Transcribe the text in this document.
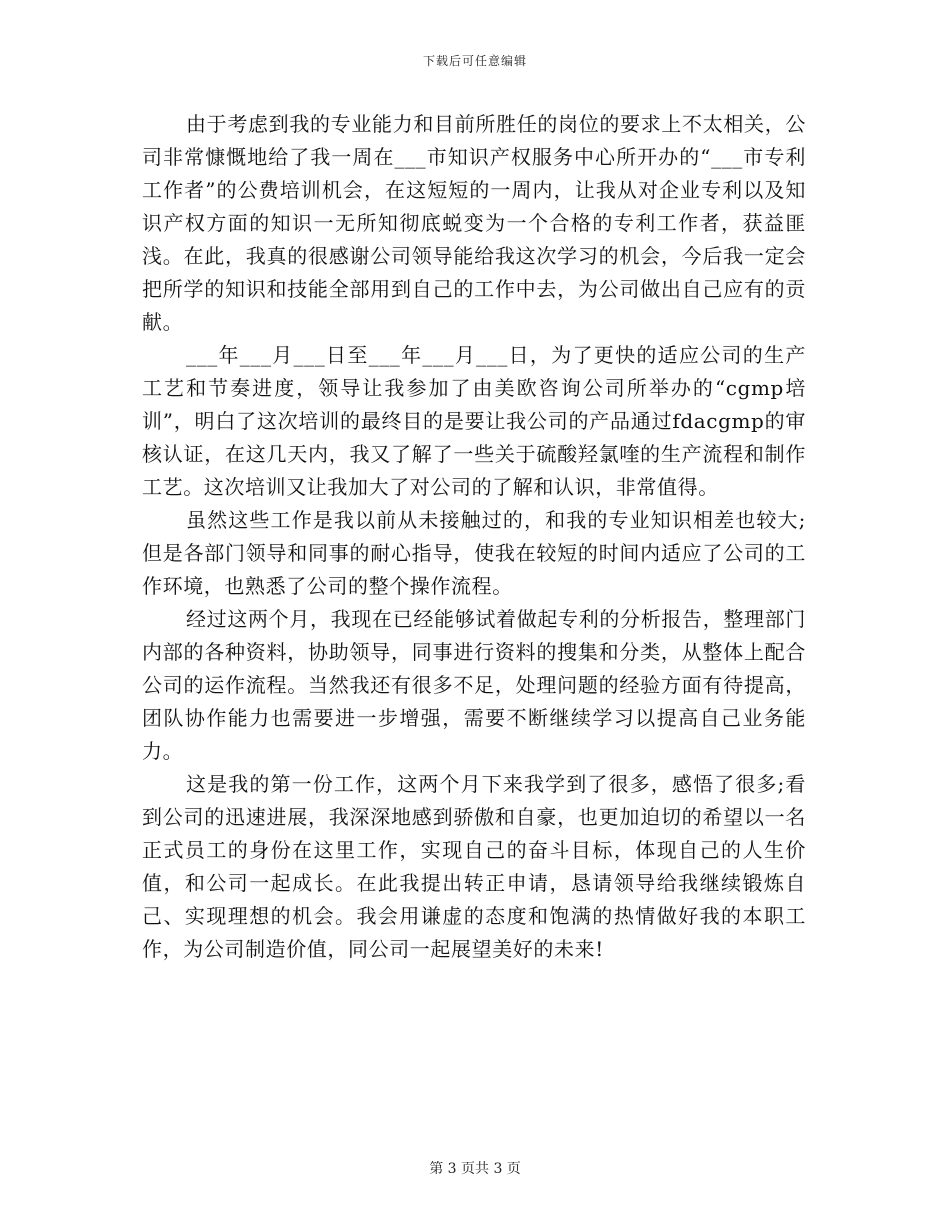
下载后可任意编辑

由于考虑到我的专业能力和目前所胜任的岗位的要求上不太相关，公司非常慷慨地给了我一周在___市知识产权服务中心所开办的“___市专利工作者”的公费培训机会，在这短短的一周内，让我从对企业专利以及知识产权方面的知识一无所知彻底蜕变为一个合格的专利工作者，获益匪浅。在此，我真的很感谢公司领导能给我这次学习的机会，今后我一定会把所学的知识和技能全部用到自己的工作中去，为公司做出自己应有的贡献。

___年___月___日至___年___月___日，为了更快的适应公司的生产工艺和节奏进度，领导让我参加了由美欧咨询公司所举办的“cgmp培训”，明白了这次培训的最终目的是要让我公司的产品通过fdacgmp的审核认证，在这几天内，我又了解了一些关于硫酸羟氯喹的生产流程和制作工艺。这次培训又让我加大了对公司的了解和认识，非常值得。

虽然这些工作是我以前从未接触过的，和我的专业知识相差也较大;但是各部门领导和同事的耐心指导，使我在较短的时间内适应了公司的工作环境，也熟悉了公司的整个操作流程。

经过这两个月，我现在已经能够试着做起专利的分析报告，整理部门内部的各种资料，协助领导，同事进行资料的搜集和分类，从整体上配合公司的运作流程。当然我还有很多不足，处理问题的经验方面有待提高，团队协作能力也需要进一步增强，需要不断继续学习以提高自己业务能力。

这是我的第一份工作，这两个月下来我学到了很多，感悟了很多;看到公司的迅速进展，我深深地感到骄傲和自豪，也更加迫切的希望以一名正式员工的身份在这里工作，实现自己的奋斗目标，体现自己的人生价值，和公司一起成长。在此我提出转正申请，恳请领导给我继续锻炼自己、实现理想的机会。我会用谦虚的态度和饱满的热情做好我的本职工作，为公司制造价值，同公司一起展望美好的未来!

第 3 页共 3 页
